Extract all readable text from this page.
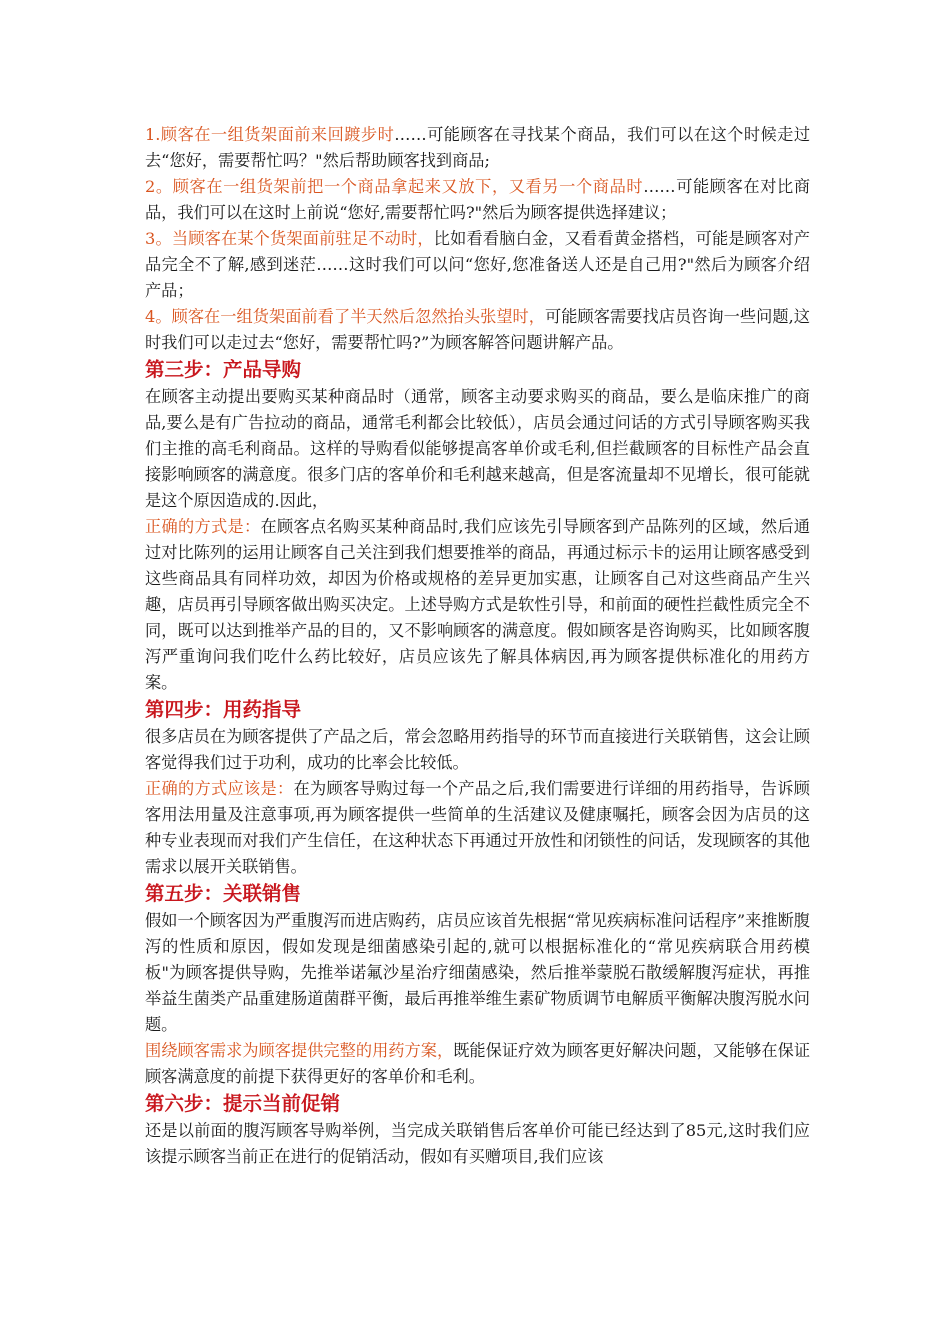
1.顾客在一组货架面前来回踱步时……可能顾客在寻找某个商品，我们可以在这个时候走过去“您好，需要帮忙吗？"然后帮助顾客找到商品;

2。顾客在一组货架前把一个商品拿起来又放下，又看另一个商品时……可能顾客在对比商品，我们可以在这时上前说“您好,需要帮忙吗?"然后为顾客提供选择建议；

3。当顾客在某个货架面前驻足不动时，比如看看脑白金，又看看黄金搭档，可能是顾客对产品完全不了解,感到迷茫……这时我们可以问“您好,您准备送人还是自己用?"然后为顾客介绍产品；

4。顾客在一组货架面前看了半天然后忽然抬头张望时，可能顾客需要找店员咨询一些问题,这时我们可以走过去“您好，需要帮忙吗?”为顾客解答问题讲解产品。

第三步：产品导购

在顾客主动提出要购买某种商品时（通常，顾客主动要求购买的商品，要么是临床推广的商品,要么是有广告拉动的商品，通常毛利都会比较低），店员会通过问话的方式引导顾客购买我们主推的高毛利商品。这样的导购看似能够提高客单价或毛利,但拦截顾客的目标性产品会直接影响顾客的满意度。很多门店的客单价和毛利越来越高，但是客流量却不见增长，很可能就是这个原因造成的.因此，

正确的方式是：在顾客点名购买某种商品时,我们应该先引导顾客到产品陈列的区域，然后通过对比陈列的运用让顾客自己关注到我们想要推举的商品，再通过标示卡的运用让顾客感受到这些商品具有同样功效，却因为价格或规格的差异更加实惠，让顾客自己对这些商品产生兴趣，店员再引导顾客做出购买决定。上述导购方式是软性引导，和前面的硬性拦截性质完全不同，既可以达到推举产品的目的，又不影响顾客的满意度。假如顾客是咨询购买，比如顾客腹泻严重询问我们吃什么药比较好，店员应该先了解具体病因,再为顾客提供标准化的用药方案。

第四步：用药指导

很多店员在为顾客提供了产品之后，常会忽略用药指导的环节而直接进行关联销售，这会让顾客觉得我们过于功利，成功的比率会比较低。

正确的方式应该是：在为顾客导购过每一个产品之后,我们需要进行详细的用药指导，告诉顾客用法用量及注意事项,再为顾客提供一些简单的生活建议及健康嘱托，顾客会因为店员的这种专业表现而对我们产生信任，在这种状态下再通过开放性和闭锁性的问话，发现顾客的其他需求以展开关联销售。

第五步：关联销售

假如一个顾客因为严重腹泻而进店购药，店员应该首先根据“常见疾病标准问话程序”来推断腹泻的性质和原因，假如发现是细菌感染引起的,就可以根据标准化的“常见疾病联合用药模板"为顾客提供导购，先推举诺氟沙星治疗细菌感染，然后推举蒙脱石散缓解腹泻症状，再推举益生菌类产品重建肠道菌群平衡，最后再推举维生素矿物质调节电解质平衡解决腹泻脱水问题。

围绕顾客需求为顾客提供完整的用药方案，既能保证疗效为顾客更好解决问题，又能够在保证顾客满意度的前提下获得更好的客单价和毛利。

第六步：提示当前促销

还是以前面的腹泻顾客导购举例，当完成关联销售后客单价可能已经达到了85元,这时我们应该提示顾客当前正在进行的促销活动，假如有买赠项目,我们应该
